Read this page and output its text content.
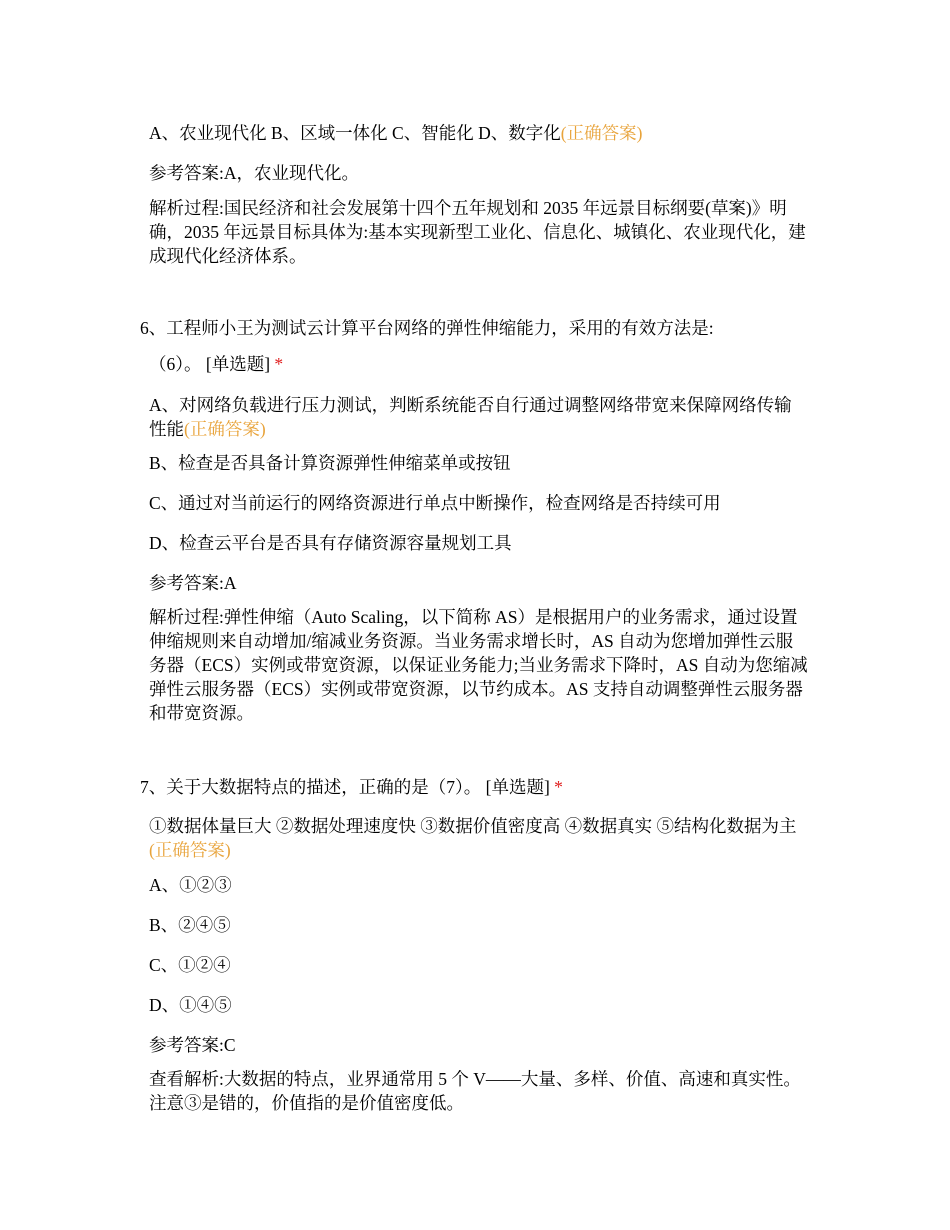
A、农业现代化 B、区域一体化 C、智能化 D、数字化(正确答案)

参考答案:A，农业现代化。

解析过程:国民经济和社会发展第十四个五年规划和 2035 年远景目标纲要(草案)》明确，2035 年远景目标具体为:基本实现新型工业化、信息化、城镇化、农业现代化，建成现代化经济体系。

6、工程师小王为测试云计算平台网络的弹性伸缩能力，采用的有效方法是:

（6）。 [单选题] *

A、对网络负载进行压力测试，判断系统能否自行通过调整网络带宽来保障网络传输性能(正确答案)

B、检查是否具备计算资源弹性伸缩菜单或按钮

C、通过对当前运行的网络资源进行单点中断操作，检查网络是否持续可用

D、检查云平台是否具有存储资源容量规划工具

参考答案:A

解析过程:弹性伸缩（Auto Scaling，以下简称 AS）是根据用户的业务需求，通过设置伸缩规则来自动增加/缩减业务资源。当业务需求增长时，AS 自动为您增加弹性云服务器（ECS）实例或带宽资源，以保证业务能力;当业务需求下降时，AS 自动为您缩减弹性云服务器（ECS）实例或带宽资源，以节约成本。AS 支持自动调整弹性云服务器和带宽资源。

7、关于大数据特点的描述，正确的是（7）。 [单选题] *

①数据体量巨大 ②数据处理速度快 ③数据价值密度高 ④数据真实 ⑤结构化数据为主(正确答案)

A、①②③

B、②④⑤

C、①②④

D、①④⑤

参考答案:C

查看解析:大数据的特点，业界通常用 5 个 V——大量、多样、价值、高速和真实性。注意③是错的，价值指的是价值密度低。
